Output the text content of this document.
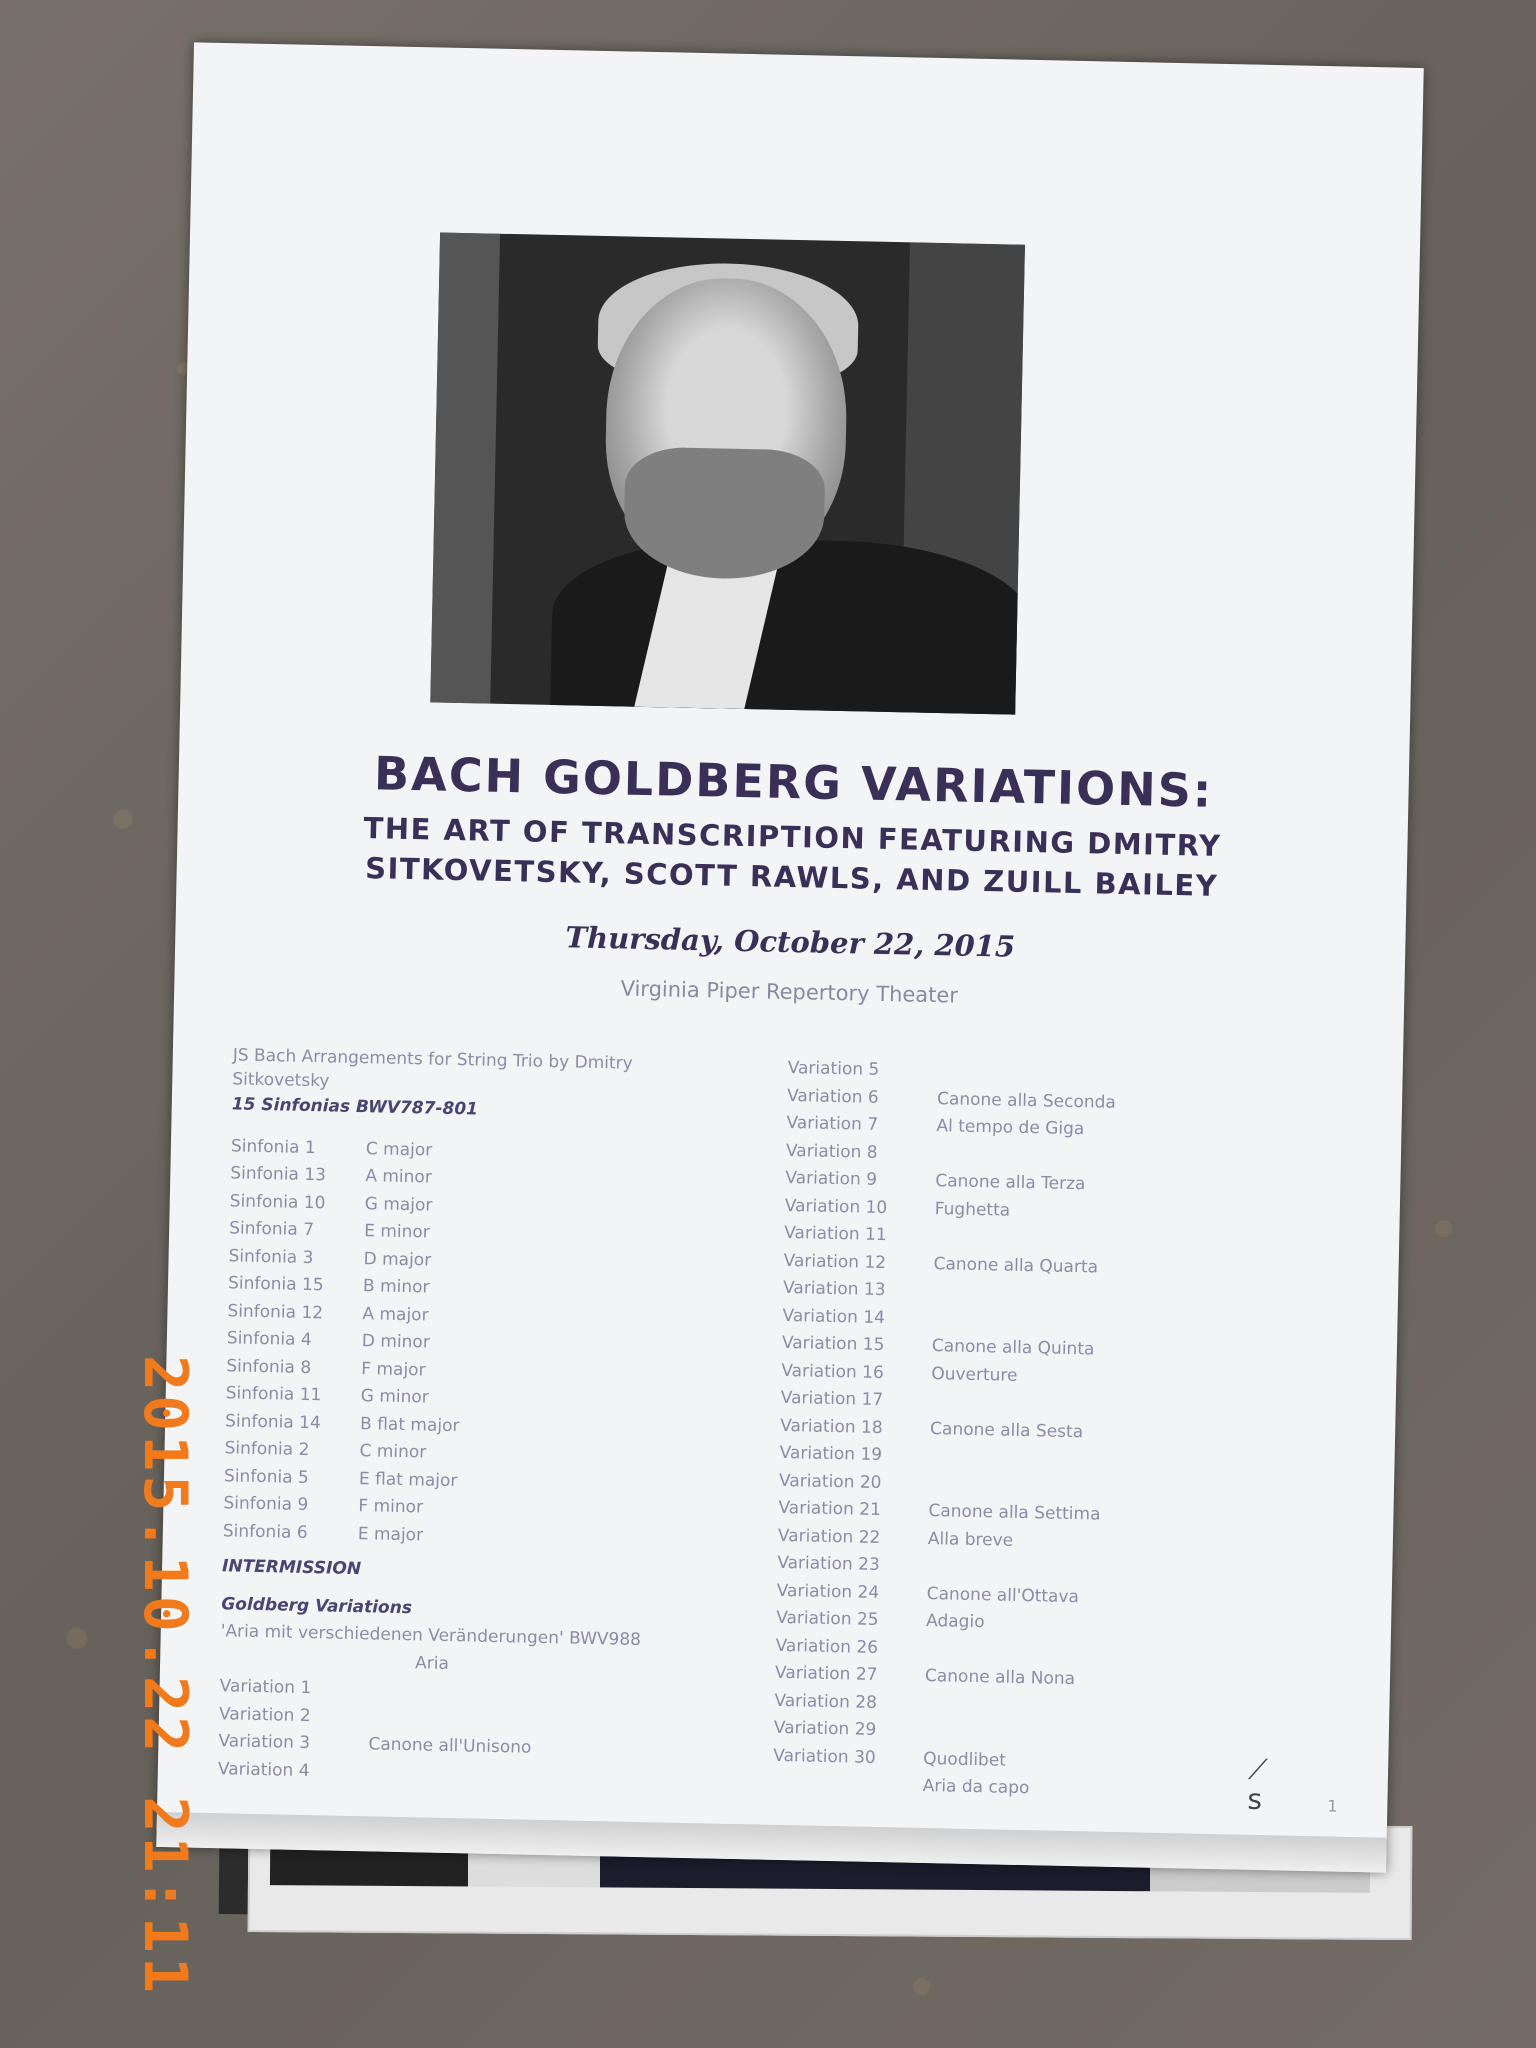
BACH GOLDBERG VARIATIONS:
THE ART OF TRANSCRIPTION FEATURING DMITRY
SITKOVETSKY, SCOTT RAWLS, AND ZUILL BAILEY
Thursday, October 22, 2015
Virginia Piper Repertory Theater
JS Bach Arrangements for String Trio by Dmitry Sitkovetsky
15 Sinfonias BWV787-801
Sinfonia 1	C major
Sinfonia 13	A minor
Sinfonia 10	G major
Sinfonia 7	E minor
Sinfonia 3	D major
Sinfonia 15	B minor
Sinfonia 12	A major
Sinfonia 4	D minor
Sinfonia 8	F major
Sinfonia 11	G minor
Sinfonia 14	B flat major
Sinfonia 2	C minor
Sinfonia 5	E flat major
Sinfonia 9	F minor
Sinfonia 6	E major
INTERMISSION
Goldberg Variations
'Aria mit verschiedenen Veränderungen' BWV988
Aria
Variation 1
Variation 2
Variation 3	Canone all'Unisono
Variation 4
Variation 5
Variation 6	Canone alla Seconda
Variation 7	Al tempo de Giga
Variation 8
Variation 9	Canone alla Terza
Variation 10	Fughetta
Variation 11
Variation 12	Canone alla Quarta
Variation 13
Variation 14
Variation 15	Canone alla Quinta
Variation 16	Ouverture
Variation 17
Variation 18	Canone alla Sesta
Variation 19
Variation 20
Variation 21	Canone alla Settima
Variation 22	Alla breve
Variation 23
Variation 24	Canone all'Ottava
Variation 25	Adagio
Variation 26
Variation 27	Canone alla Nona
Variation 28
Variation 29
Variation 30	Quodlibet
Aria da capo
⟋
ꜱ	1
2015.10.22 21:11
